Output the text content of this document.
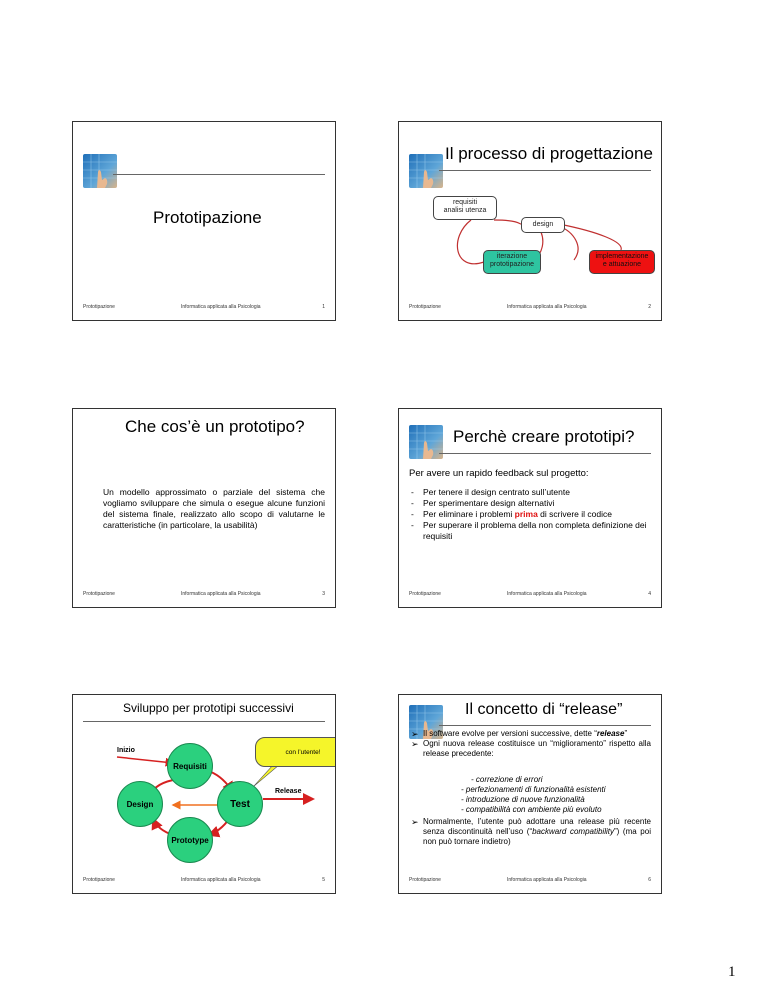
Prototipazione
Prototipazione	Informatica applicata alla Psicologia	1
Il processo di progettazione
requisiti
analisi utenza
design
iterazione
prototipazione
implementazione
e attuazione
Prototipazione	Informatica applicata alla Psicologia	2
Che cos’è un prototipo?
Un modello approssimato o parziale del sistema che vogliamo sviluppare che simula o esegue alcune funzioni del sistema finale, realizzato allo scopo di valutarne le caratteristiche (in particolare, la usabilità)
Prototipazione	Informatica applicata alla Psicologia	3
Perchè creare prototipi?
Per avere un rapido feedback sul progetto:
- Per tenere il design centrato sull’utente
- Per sperimentare design alternativi
- Per eliminare i problemi prima di scrivere il codice
- Per superare il problema della non completa definizione dei requisiti
Prototipazione	Informatica applicata alla Psicologia	4
Sviluppo per prototipi successivi
con l’utente!
Inizio
Requisiti
Design	Test
Prototype
Release
Prototipazione	Informatica applicata alla Psicologia	5
Il concetto di “release”
➢ Il software evolve per versioni successive, dette “release”
➢ Ogni nuova release costituisce un “miglioramento” rispetto alla release precedente:
- correzione di errori
- perfezionamenti di funzionalità esistenti
- introduzione di nuove funzionalità
- compatibilità con ambiente più evoluto
➢ Normalmente, l’utente può adottare una release più recente senza discontinuità nell’uso (“backward compatibility”) (ma poi non può tornare indietro)
Prototipazione	Informatica applicata alla Psicologia	6
1
